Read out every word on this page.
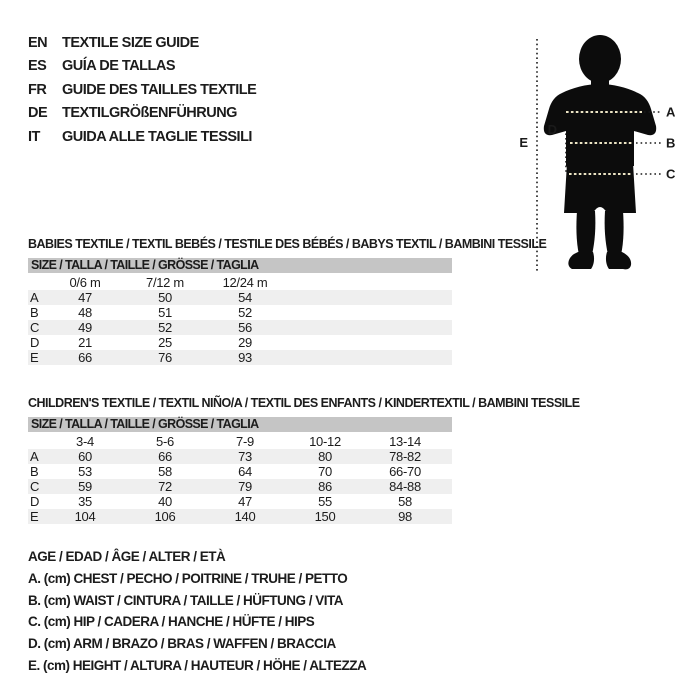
EN	TEXTILE SIZE GUIDE
ES	GUÍA DE TALLAS
FR	GUIDE DES TAILLES TEXTILE
DE	TEXTILGRÖßENFÜHRUNG
IT	GUIDA ALLE TAGLIE TESSILI
A
B
C
D
E
BABIES TEXTILE / TEXTIL BEBÉS / TESTILE DES BÉBÉS / BABYS TEXTIL / BAMBINI TESSILE
SIZE / TALLA / TAILLE / GRÖSSE / TAGLIA
0/6 m	7/12 m	12/24 m
A	47	50	54
B	48	51	52
C	49	52	56
D	21	25	29
E	66	76	93
CHILDREN'S TEXTILE / TEXTIL NIÑO/A / TEXTIL DES ENFANTS / KINDERTEXTIL / BAMBINI TESSILE
SIZE / TALLA / TAILLE / GRÖSSE / TAGLIA
3-4	5-6	7-9	10-12	13-14
A	60	66	73	80	78-82
B	53	58	64	70	66-70
C	59	72	79	86	84-88
D	35	40	47	55	58
E	104	106	140	150	98
AGE / EDAD / ÂGE / ALTER / ETÀ
A. (cm) CHEST / PECHO / POITRINE / TRUHE / PETTO
B. (cm) WAIST / CINTURA / TAILLE / HÜFTUNG / VITA
C. (cm) HIP / CADERA / HANCHE / HÜFTE / HIPS
D. (cm) ARM / BRAZO / BRAS / WAFFEN / BRACCIA
E. (cm) HEIGHT / ALTURA / HAUTEUR / HÖHE / ALTEZZA
